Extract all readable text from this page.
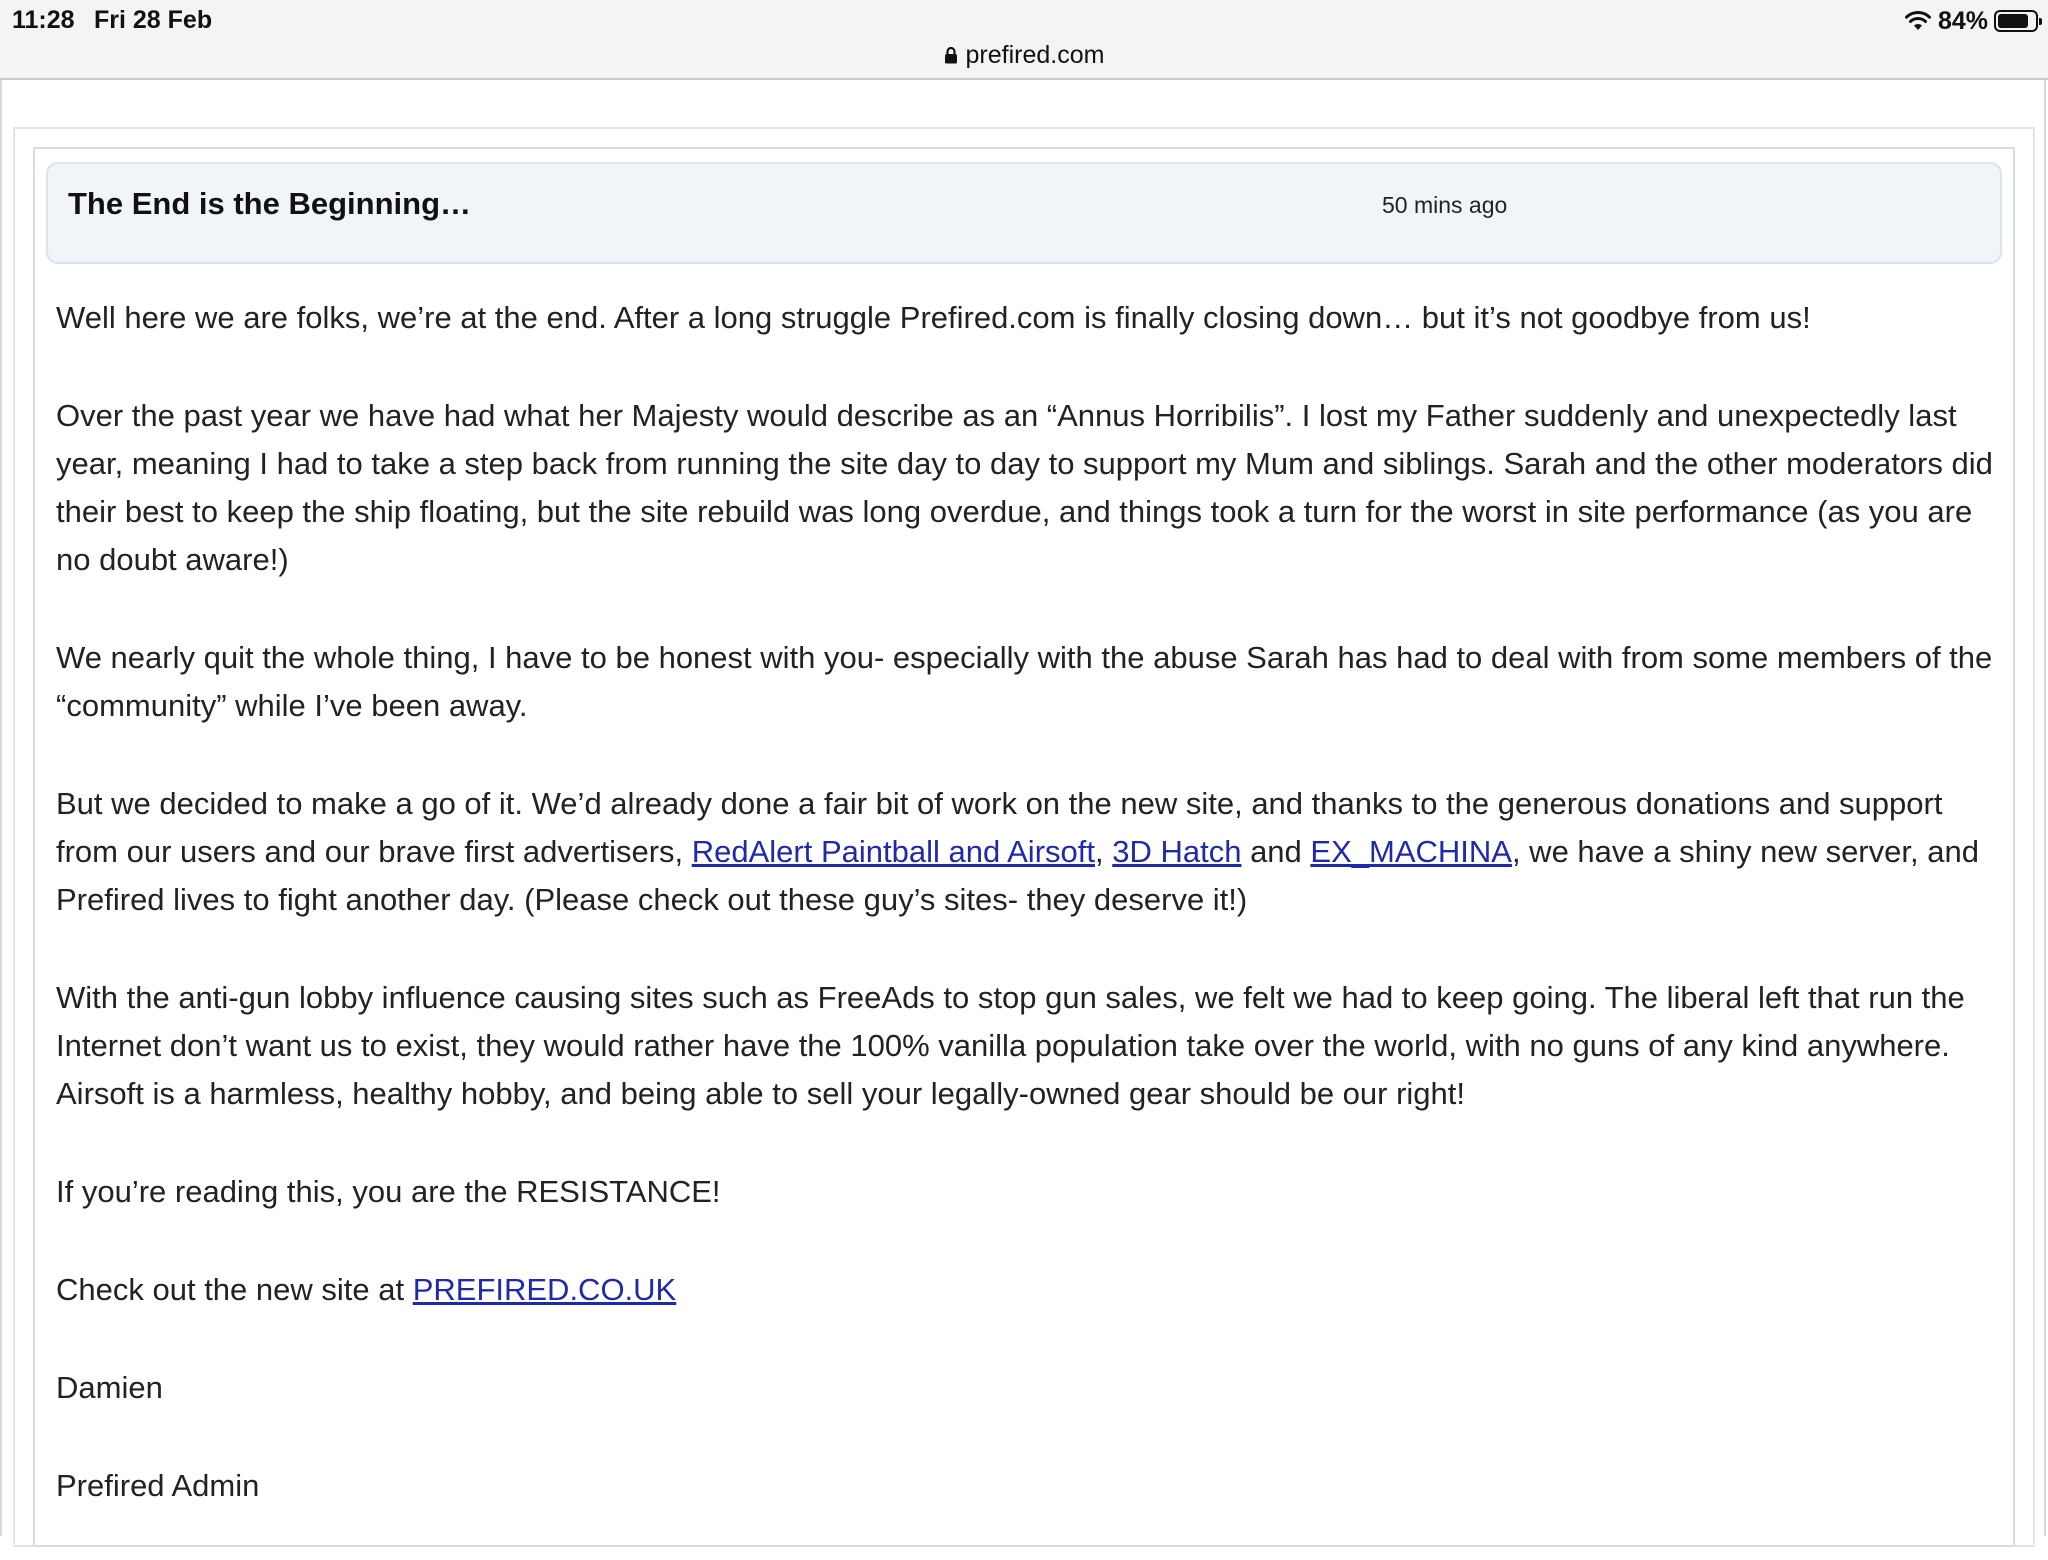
11:28 Fri 28 Feb	84%
prefired.com
The End is the Beginning…	50 mins ago

Well here we are folks, we’re at the end. After a long struggle Prefired.com is finally closing down… but it’s not goodbye from us!

Over the past year we have had what her Majesty would describe as an “Annus Horribilis”. I lost my Father suddenly and unexpectedly last year, meaning I had to take a step back from running the site day to day to support my Mum and siblings. Sarah and the other moderators did their best to keep the ship floating, but the site rebuild was long overdue, and things took a turn for the worst in site performance (as you are no doubt aware!)

We nearly quit the whole thing, I have to be honest with you- especially with the abuse Sarah has had to deal with from some members of the “community” while I’ve been away.

But we decided to make a go of it. We’d already done a fair bit of work on the new site, and thanks to the generous donations and support from our users and our brave first advertisers, RedAlert Paintball and Airsoft, 3D Hatch and EX_MACHINA, we have a shiny new server, and Prefired lives to fight another day. (Please check out these guy’s sites- they deserve it!)

With the anti-gun lobby influence causing sites such as FreeAds to stop gun sales, we felt we had to keep going. The liberal left that run the Internet don’t want us to exist, they would rather have the 100% vanilla population take over the world, with no guns of any kind anywhere. Airsoft is a harmless, healthy hobby, and being able to sell your legally-owned gear should be our right!

If you’re reading this, you are the RESISTANCE!

Check out the new site at PREFIRED.CO.UK

Damien

Prefired Admin
